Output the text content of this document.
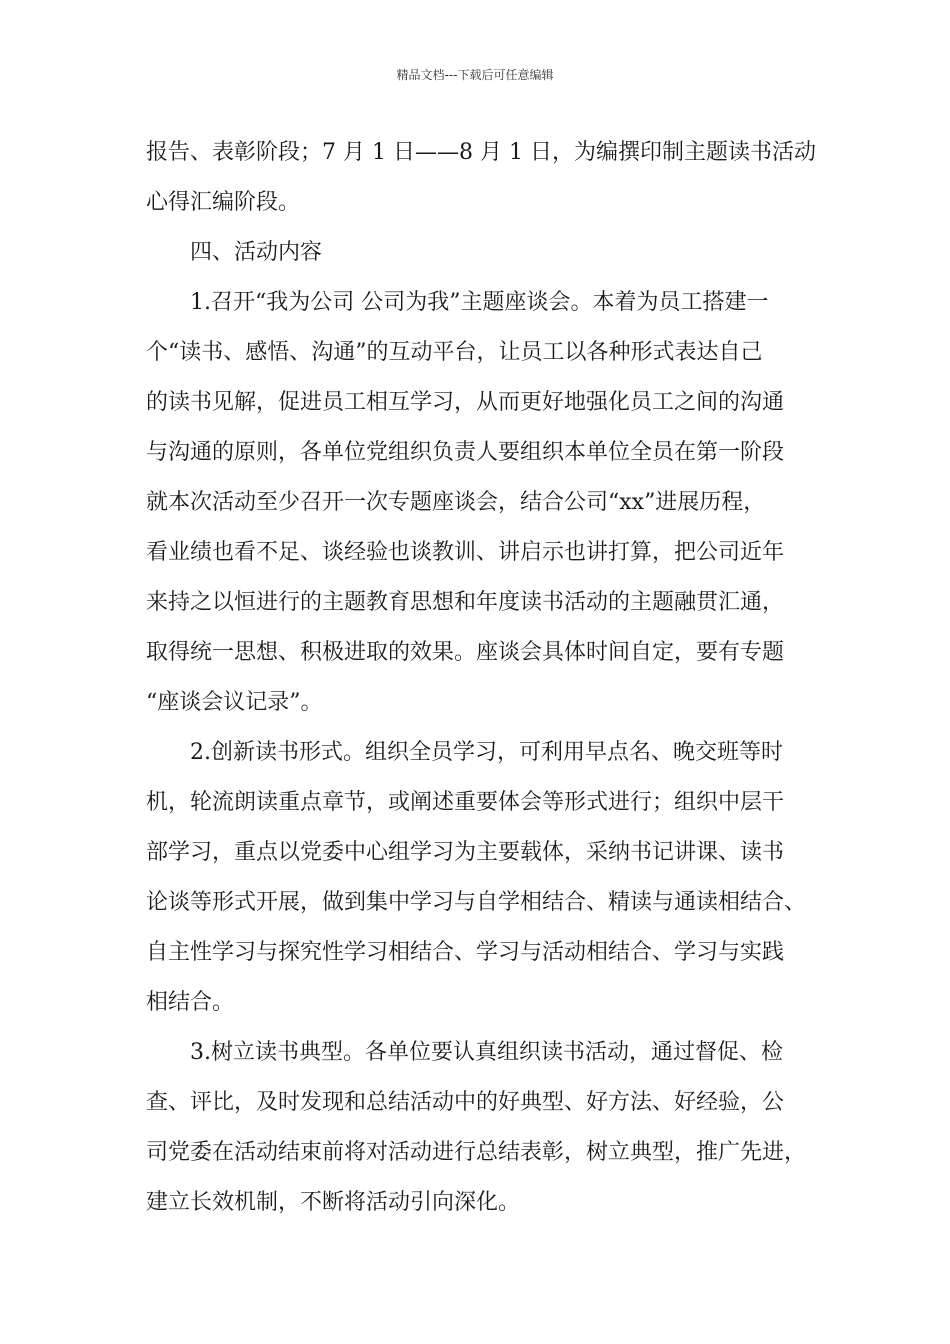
精品文档---下载后可任意编辑
报告、表彰阶段；7 月 1 日——8 月 1 日，为编撰印制主题读书活动
心得汇编阶段。
四、活动内容
1.召开“我为公司 公司为我”主题座谈会。本着为员工搭建一
个“读书、感悟、沟通”的互动平台，让员工以各种形式表达自己
的读书见解，促进员工相互学习，从而更好地强化员工之间的沟通
与沟通的原则，各单位党组织负责人要组织本单位全员在第一阶段
就本次活动至少召开一次专题座谈会，结合公司“xx”进展历程，
看业绩也看不足、谈经验也谈教训、讲启示也讲打算，把公司近年
来持之以恒进行的主题教育思想和年度读书活动的主题融贯汇通，
取得统一思想、积极进取的效果。座谈会具体时间自定，要有专题
“座谈会议记录”。
2.创新读书形式。组织全员学习，可利用早点名、晚交班等时
机，轮流朗读重点章节，或阐述重要体会等形式进行；组织中层干
部学习，重点以党委中心组学习为主要载体，采纳书记讲课、读书
论谈等形式开展，做到集中学习与自学相结合、精读与通读相结合、
自主性学习与探究性学习相结合、学习与活动相结合、学习与实践
相结合。
3.树立读书典型。各单位要认真组织读书活动，通过督促、检
查、评比，及时发现和总结活动中的好典型、好方法、好经验，公
司党委在活动结束前将对活动进行总结表彰，树立典型，推广先进，
建立长效机制，不断将活动引向深化。
